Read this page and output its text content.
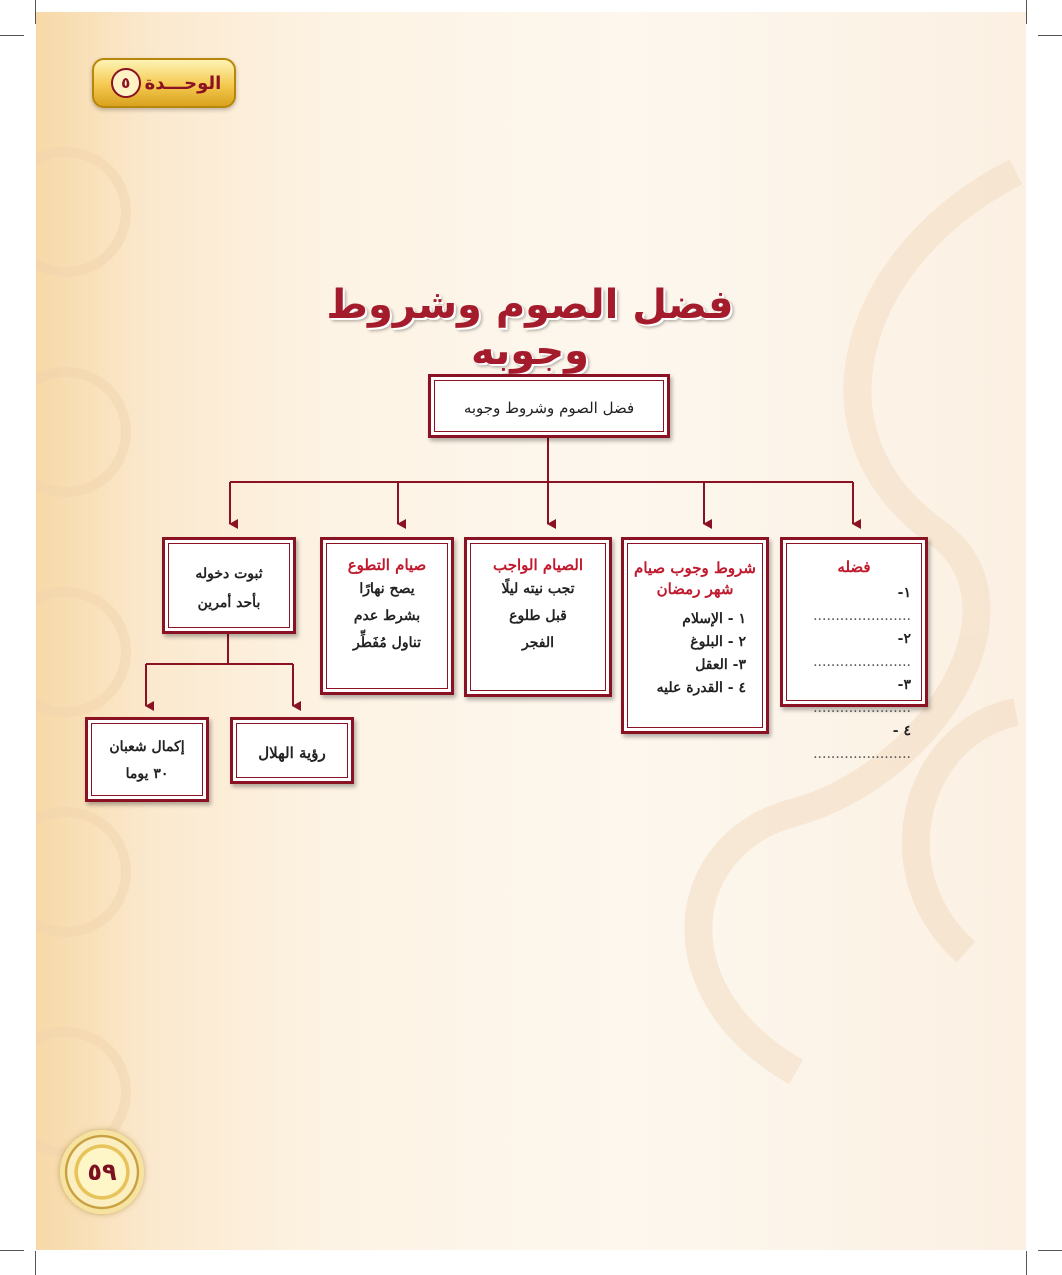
الوحـــدة
٥
فضل الصوم وشروط وجوبه
فضل الصوم وشروط وجوبه
فضله
١- ......................
٢- ......................
٣- ......................
٤ - ......................
شروط وجوب صيام شهر رمضان
١ - الإسلام
٢ - البلوغ
٣- العقل
٤ - القدرة عليه
الصيام الواجب
تجب نيته ليلًا
قبل طلوع
الفجر
صيام التطوع
يصح نهارًا
بشرط عدم
تناول مُفَطِّر
ثبوت دخوله
بأحد أمرين
رؤية الهلال
إكمال شعبان
٣٠ يوما
٥٩
